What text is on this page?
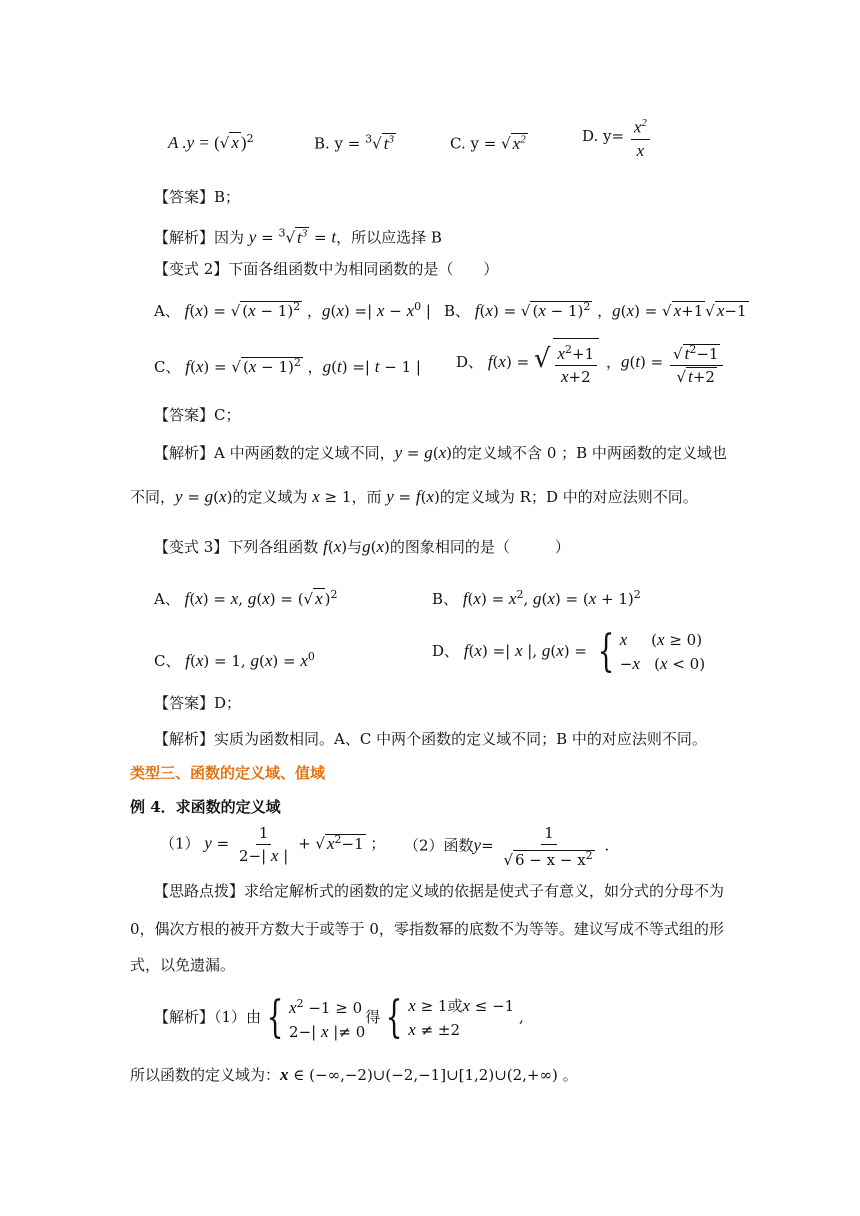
A .y = (√ x )$^2$	B. y = $^3$√ $t^3$	C. y = √ $x^2$	D. $y= \frac{x^2}{x}$
【答案】B；
【解析】因为 y = $^3$√ $t^3 = t$，所以应选择 B
【变式 2】下面各组函数中为相同函数的是（　　）
A、 f(x) = √ $(x - 1)^2$ ，g(x) =| $x - x^0$ | B、 f(x) = √ $(x - 1)^2$ ，g(x) = √ x+1 √ x−1
C、 f(x) = √ $(x - 1)^2$ ，g(t) =| t − 1 | D、 f(x) = √ $\frac{x^2+1}{x+2}$ ，$g(t) = \frac{√ t^2-1}{√ t+2}$
【答案】C；
【解析】A 中两函数的定义域不同，y = g(x)的定义域不含 0 ；B 中两函数的定义域也
不同，y = g(x)的定义域为 x ≥ 1，而 y = f(x)的定义域为 R；D 中的对应法则不同。
【变式 3】下列各组函数 f(x)与g(x)的图象相同的是（　　　）
A、 f(x) = x, g(x) = (√ x )$^2$	B、 $f(x) = x^2$, $g(x) = (x + 1)^2$
C、 f(x) = 1, $g(x) = x^0$	D、 f(x) =| x |, g(x) = { x     (x ≥ 0)
−x   (x < 0)
【答案】D；
【解析】实质为函数相同。A、C 中两个函数的定义域不同；B 中的对应法则不同。
类型三、函数的定义域、值域
例 4．求函数的定义域
（1） $y = \frac{1}{2-| x |}$ + √ $x^2-1$ ； （2）函数$y= \frac{1}{√ 6 - x - x^2}$ .
【思路点拨】求给定解析式的函数的定义域的依据是使式子有意义，如分式的分母不为
0，偶次方根的被开方数大于或等于 0，零指数幂的底数不为等等。建议写成不等式组的形
式，以免遗漏。
【解析】（1）由 { $x^2 -1 \ge 0$
2−| x |≠ 0
得 { x ≥ 1或x ≤ −1
x ≠ ±2
,
所以函数的定义域为：x ∈ (−∞,−2)∪(−2,−1]∪[1,2)∪(2,+∞) 。
